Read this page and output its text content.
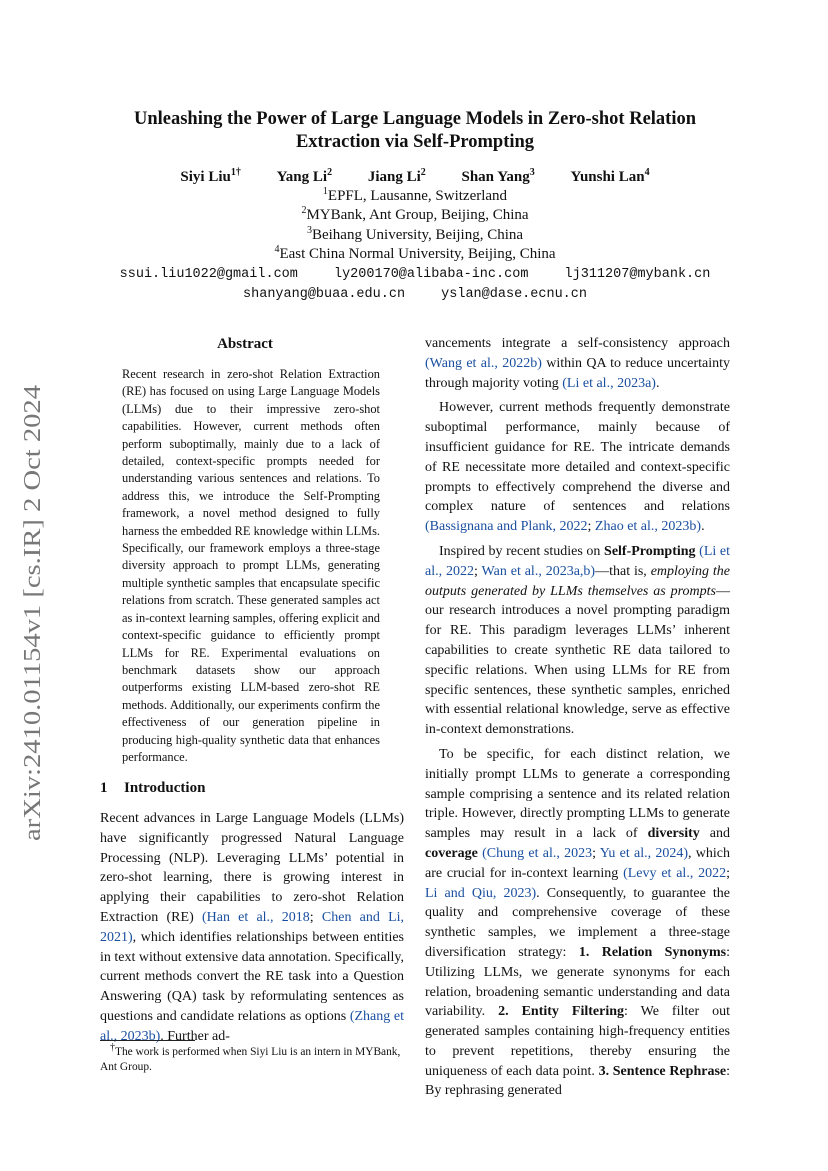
arXiv:2410.01154v1 [cs.IR] 2 Oct 2024
Unleashing the Power of Large Language Models in Zero-shot Relation Extraction via Self-Prompting
Siyi Liu$^{1\dagger}$ Yang Li$^2$ Jiang Li$^2$ Shan Yang$^3$ Yunshi Lan$^4$
$^1$EPFL, Lausanne, Switzerland
$^2$MYBank, Ant Group, Beijing, China
$^3$Beihang University, Beijing, China
$^4$East China Normal University, Beijing, China
ssui.liu1022@gmail.com	ly200170@alibaba-inc.com	lj311207@mybank.cn
shanyang@buaa.edu.cn	yslan@dase.ecnu.cn
Abstract
Recent research in zero-shot Relation Extraction (RE) has focused on using Large Language Models (LLMs) due to their impressive zero-shot capabilities. However, current methods often perform suboptimally, mainly due to a lack of detailed, context-specific prompts needed for understanding various sentences and relations. To address this, we introduce the Self-Prompting framework, a novel method designed to fully harness the embedded RE knowledge within LLMs. Specifically, our framework employs a three-stage diversity approach to prompt LLMs, generating multiple synthetic samples that encapsulate specific relations from scratch. These generated samples act as in-context learning samples, offering explicit and context-specific guidance to efficiently prompt LLMs for RE. Experimental evaluations on benchmark datasets show our approach outperforms existing LLM-based zero-shot RE methods. Additionally, our experiments confirm the effectiveness of our generation pipeline in producing high-quality synthetic data that enhances performance.
1 Introduction

Recent advances in Large Language Models (LLMs) have significantly progressed Natural Language Processing (NLP). Leveraging LLMs’ potential in zero-shot learning, there is growing interest in applying their capabilities to zero-shot Relation Extraction (RE) (Han et al., 2018; Chen and Li, 2021), which identifies relationships between entities in text without extensive data annotation. Specifically, current methods convert the RE task into a Question Answering (QA) task by reformulating sentences as questions and candidate relations as options (Zhang et al., 2023b). Further ad-

†The work is performed when Siyi Liu is an intern in MYBank, Ant Group.

vancements integrate a self-consistency approach (Wang et al., 2022b) within QA to reduce uncertainty through majority voting (Li et al., 2023a).

However, current methods frequently demonstrate suboptimal performance, mainly because of insufficient guidance for RE. The intricate demands of RE necessitate more detailed and context-specific prompts to effectively comprehend the diverse and complex nature of sentences and relations (Bassignana and Plank, 2022; Zhao et al., 2023b).

Inspired by recent studies on Self-Prompting (Li et al., 2022; Wan et al., 2023a,b)—that is, employing the outputs generated by LLMs themselves as prompts—our research introduces a novel prompting paradigm for RE. This paradigm leverages LLMs’ inherent capabilities to create synthetic RE data tailored to specific relations. When using LLMs for RE from specific sentences, these synthetic samples, enriched with essential relational knowledge, serve as effective in-context demonstrations.

To be specific, for each distinct relation, we initially prompt LLMs to generate a corresponding sample comprising a sentence and its related relation triple. However, directly prompting LLMs to generate samples may result in a lack of diversity and coverage (Chung et al., 2023; Yu et al., 2024), which are crucial for in-context learning (Levy et al., 2022; Li and Qiu, 2023). Consequently, to guarantee the quality and comprehensive coverage of these synthetic samples, we implement a three-stage diversification strategy: 1. Relation Synonyms: Utilizing LLMs, we generate synonyms for each relation, broadening semantic understanding and data variability. 2. Entity Filtering: We filter out generated samples containing high-frequency entities to prevent repetitions, thereby ensuring the uniqueness of each data point. 3. Sentence Rephrase: By rephrasing generated
